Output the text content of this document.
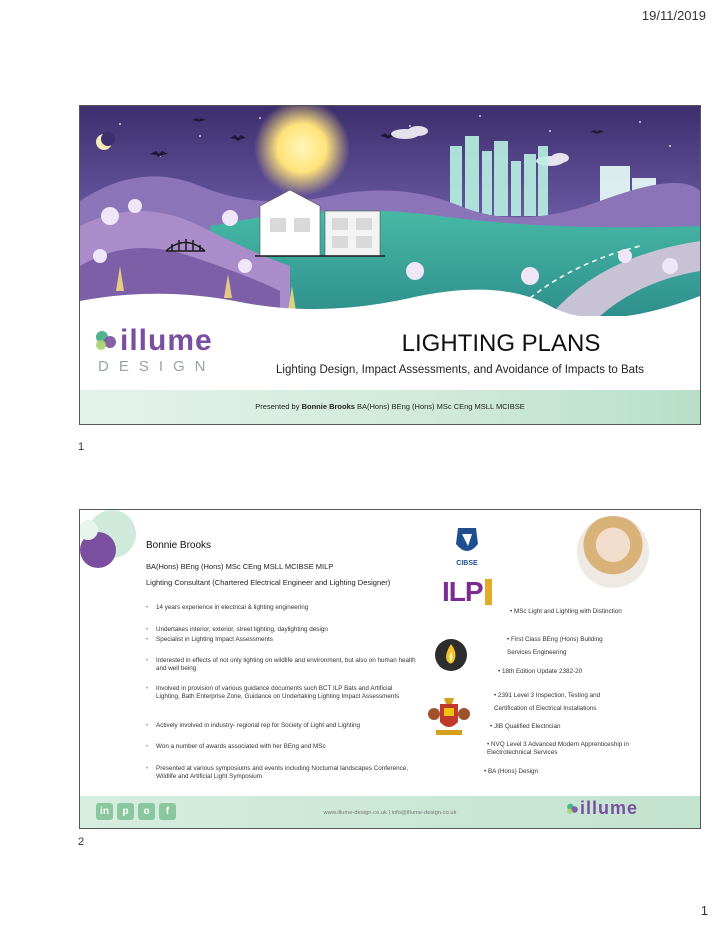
19/11/2019
illume
DESIGN
LIGHTING PLANS
Lighting Design, Impact Assessments, and Avoidance of Impacts to Bats
Presented by Bonnie Brooks BA(Hons) BEng (Hons) MSc CEng MSLL MCIBSE
1
Bonnie Brooks
BA(Hons) BEng (Hons) MSc CEng MSLL MCIBSE MILP
Lighting Consultant (Chartered Electrical Engineer and Lighting Designer)
•	14 years experience in electrical & lighting engineering
•	Undertakes interior, exterior, street lighting, daylighting design
•	Specialist in Lighting Impact Assessments
•	Interested in effects of not only lighting on wildlife and environment, but also on human health and well being
•	Involved in provision of various guidance documents such BCT ILP Bats and Artificial Lighting, Bath Enterprise Zone, Guidance on Undertaking Lighting Impact Assessments
•	Actively involved in industry- regional rep for Society of Light and Lighting
•	Won a number of awards associated with her BEng and MSc
•	Presented at various symposiums and events including Nocturnal landscapes Conference, Wildlife and Artificial Light Symposium
CIBSE
ILP
• MSc Light and Lighting with Distinction
• First Class BEng (Hons) Building Services Engineering
• 18th Edition Update 2382-20
• 2391 Level 3 Inspection, Testing and Certification of Electrical Installations
• JIB Qualified Electrician
• NVQ Level 3 Advanced Modern Apprenticeship in Electrotechnical Services
• BA (Hons) Design
in	p	o	f	www.illume-design.co.uk | info@illume-design.co.uk	illume
2
1
